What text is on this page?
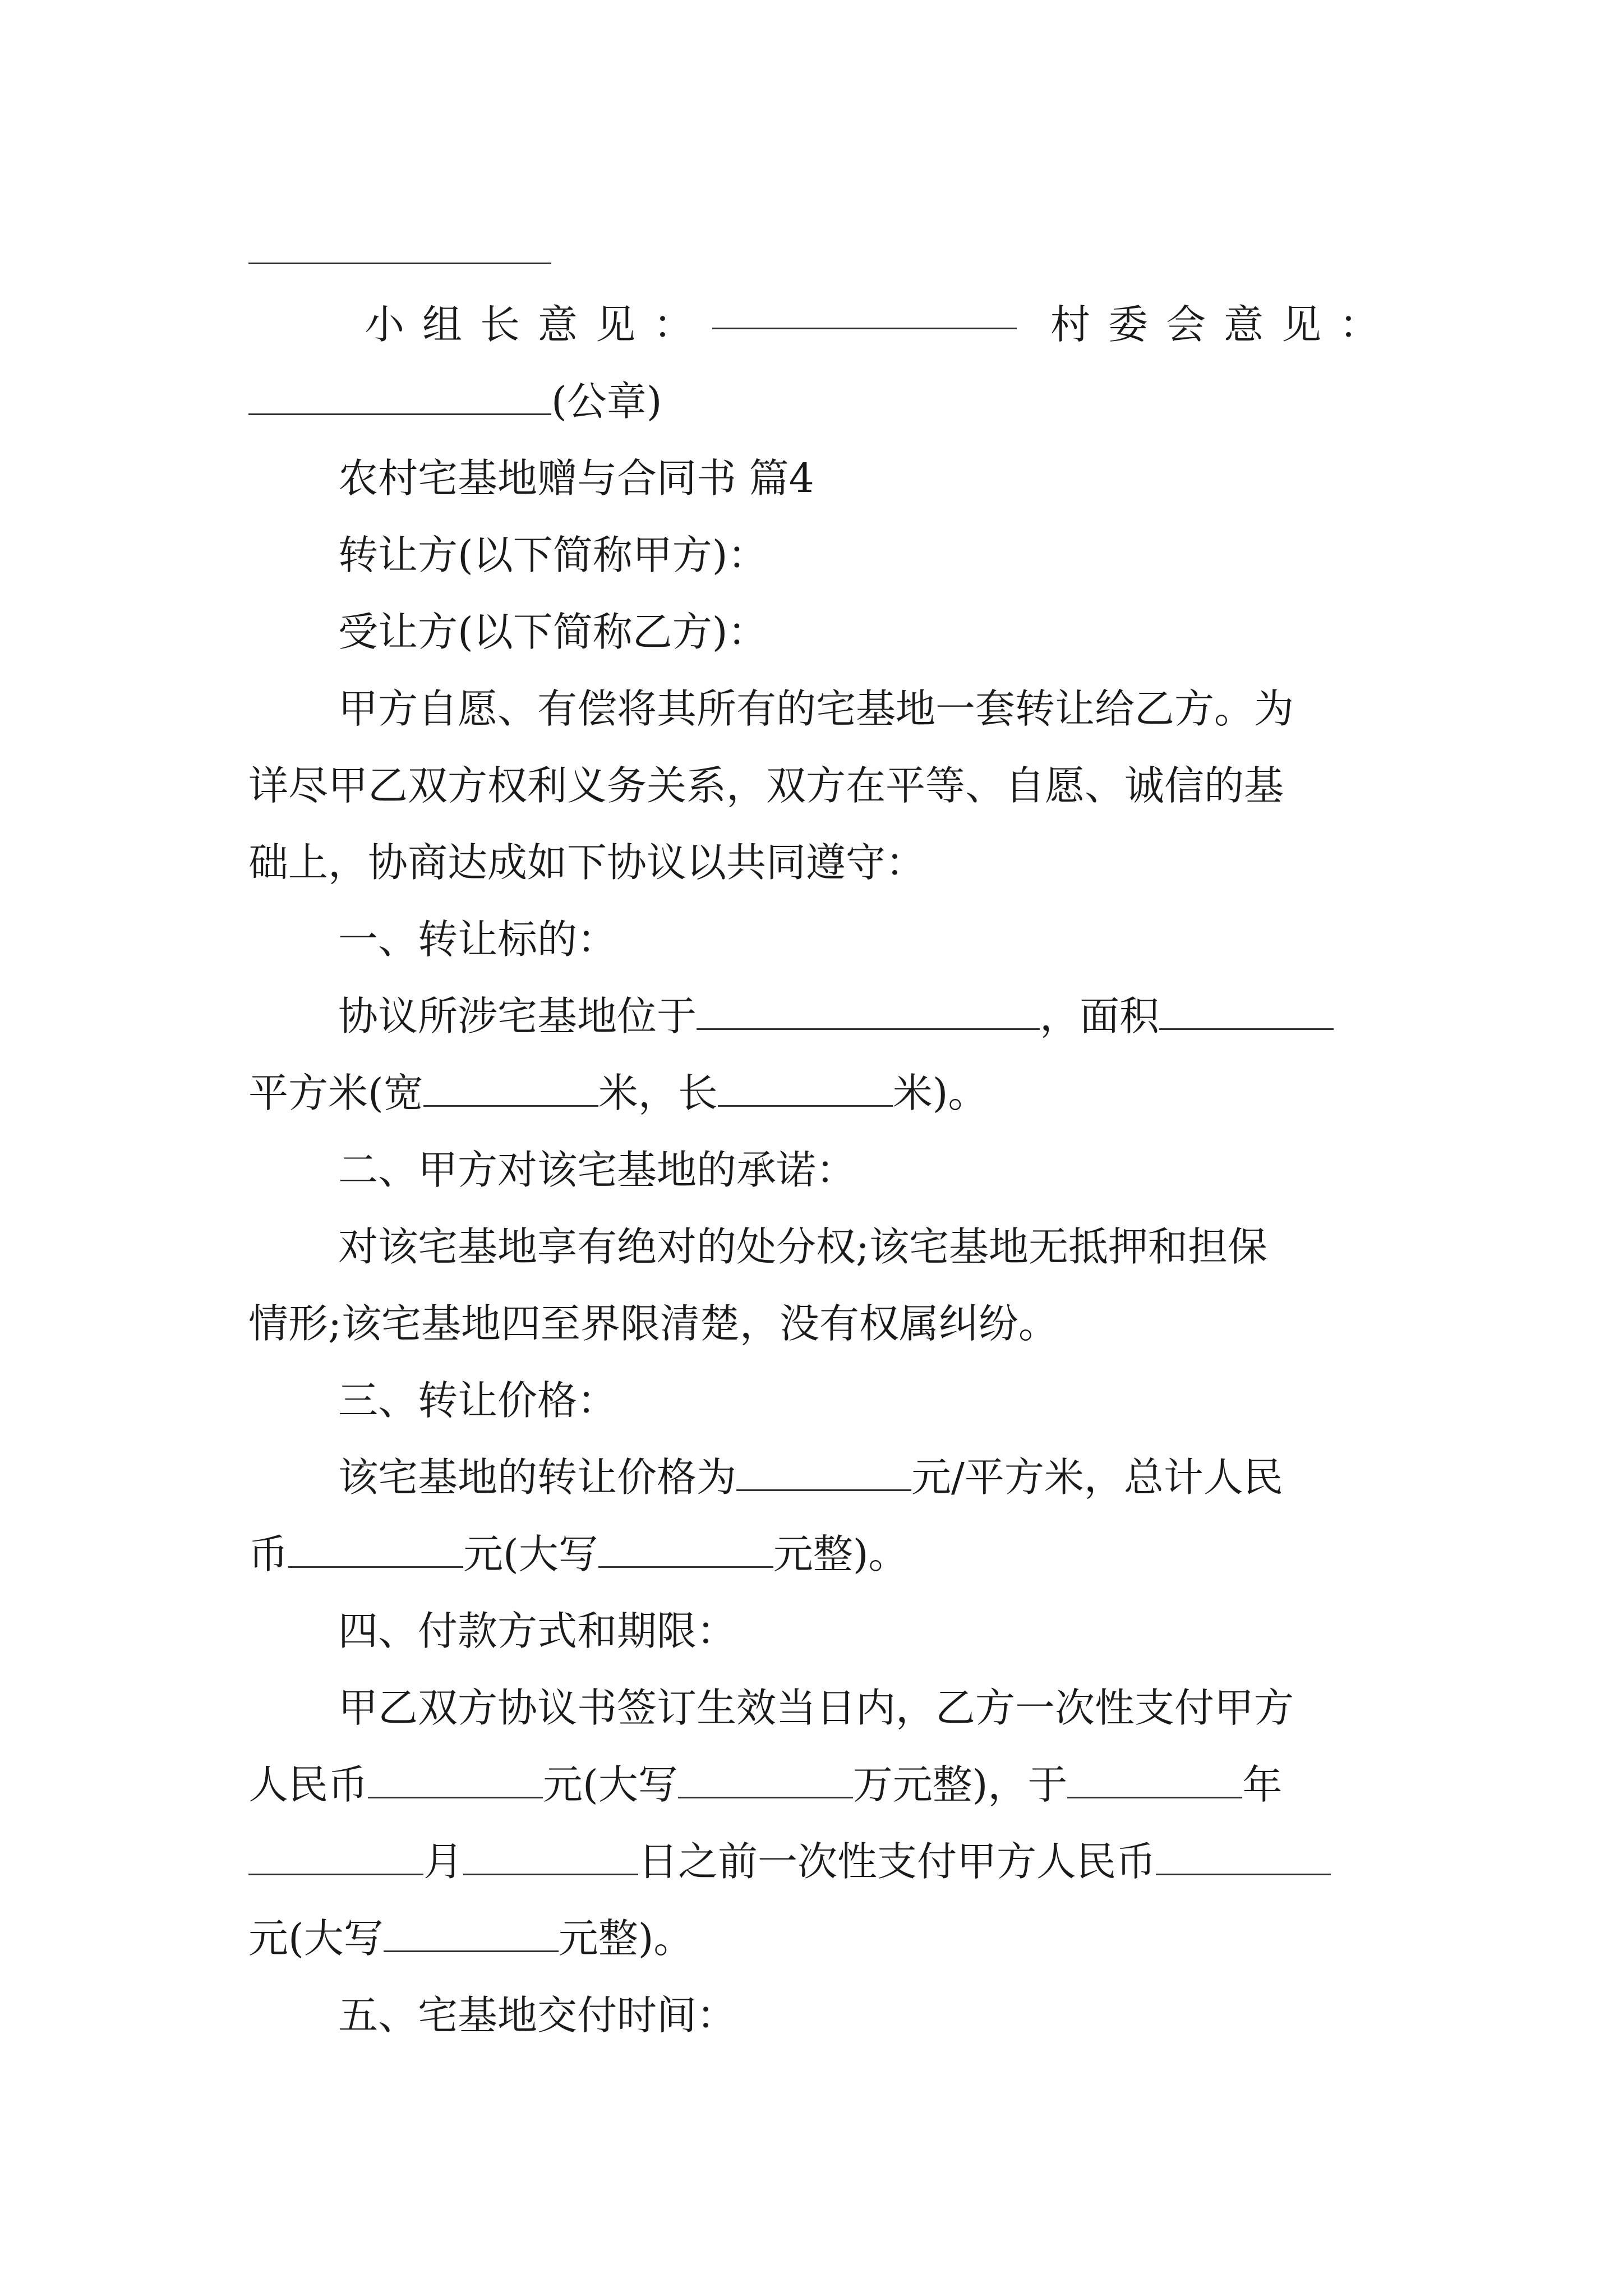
小组长意见：	村委会意见：
(公章)
农村宅基地赠与合同书 篇4
转让方(以下简称甲方)：
受让方(以下简称乙方)：
甲方自愿、有偿将其所有的宅基地一套转让给乙方。为
详尽甲乙双方权利义务关系，双方在平等、自愿、诚信的基
础上，协商达成如下协议以共同遵守：
一、转让标的：
协议所涉宅基地位于	，面积
平方米(宽	米，长	米)。
二、甲方对该宅基地的承诺：
对该宅基地享有绝对的处分权;该宅基地无抵押和担保
情形;该宅基地四至界限清楚，没有权属纠纷。
三、转让价格：
该宅基地的转让价格为	元/平方米，总计人民
币	元(大写	元整)。
四、付款方式和期限：
甲乙双方协议书签订生效当日内，乙方一次性支付甲方
人民币	元(大写	万元整)，于	年
月	日之前一次性支付甲方人民币
元(大写	元整)。
五、宅基地交付时间：
